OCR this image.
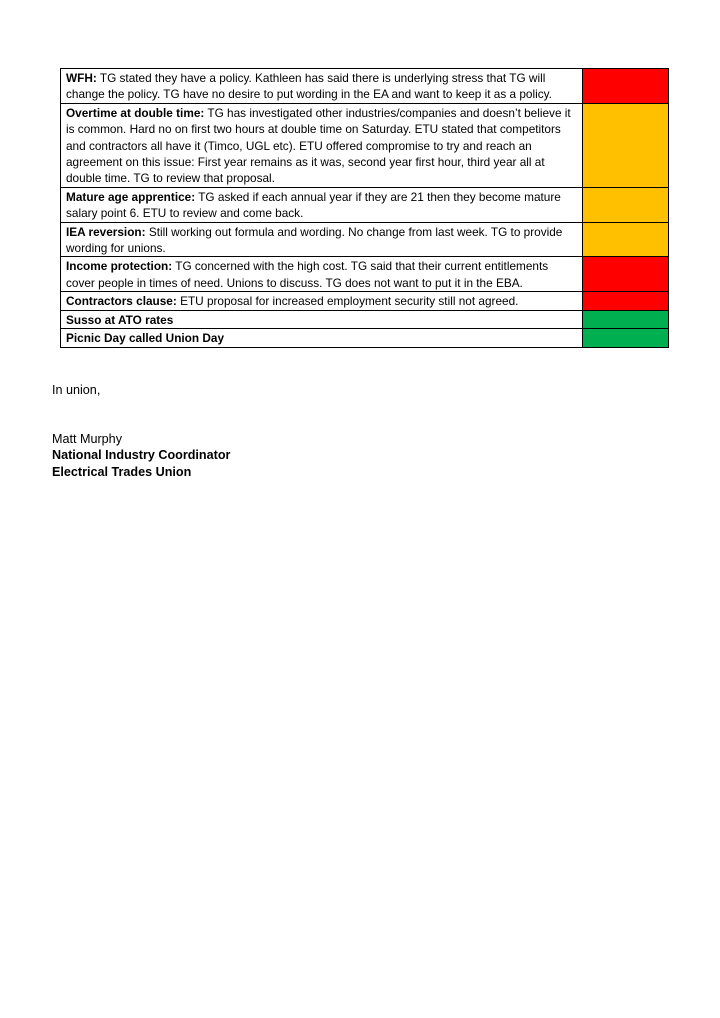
WFH: TG stated they have a policy. Kathleen has said there is underlying stress that TG will change the policy. TG have no desire to put wording in the EA and want to keep it as a policy.	
Overtime at double time: TG has investigated other industries/companies and doesn’t believe it is common. Hard no on first two hours at double time on Saturday. ETU stated that competitors and contractors all have it (Timco, UGL etc). ETU offered compromise to try and reach an agreement on this issue: First year remains as it was, second year first hour, third year all at double time. TG to review that proposal.	
Mature age apprentice: TG asked if each annual year if they are 21 then they become mature salary point 6. ETU to review and come back.	
IEA reversion: Still working out formula and wording. No change from last week. TG to provide wording for unions.	
Income protection: TG concerned with the high cost. TG said that their current entitlements cover people in times of need. Unions to discuss. TG does not want to put it in the EBA.	
Contractors clause: ETU proposal for increased employment security still not agreed.	
Susso at ATO rates	
Picnic Day called Union Day	
In union,
Matt Murphy
National Industry Coordinator
Electrical Trades Union
